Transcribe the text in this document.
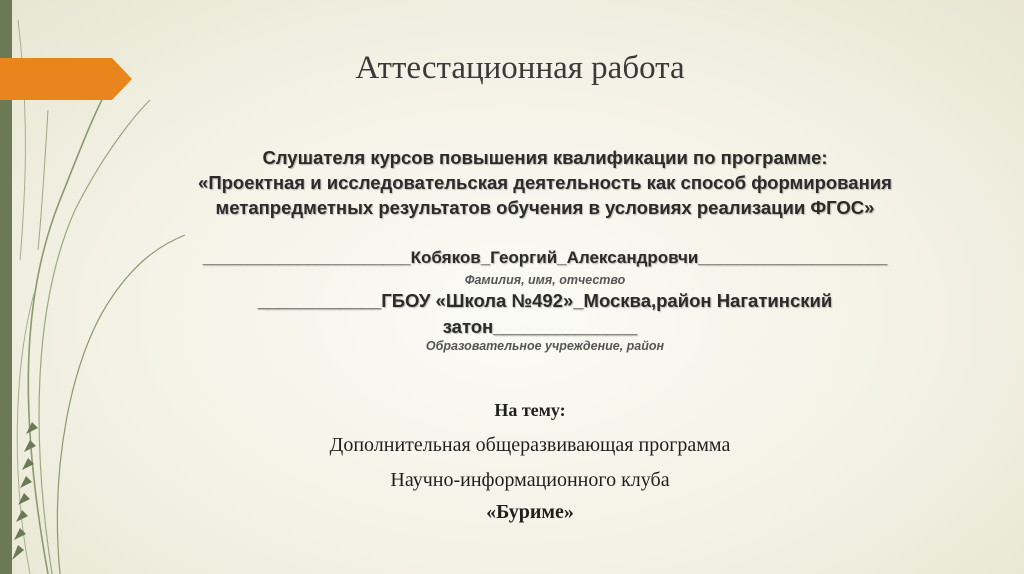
Аттестационная работа
Слушателя курсов повышения квалификации по программе:
«Проектная и исследовательская деятельность как способ формирования
метапредметных результатов обучения в условиях реализации ФГОС»
______________________Кобяков_Георгий_Александровчи____________________
Фамилия, имя, отчество
____________ГБОУ «Школа №492»_Москва,район Нагатинский
затон______________
Образовательное учреждение, район
На тему:
Дополнительная общеразвивающая программа
Научно-информационного клуба
«Буриме»
